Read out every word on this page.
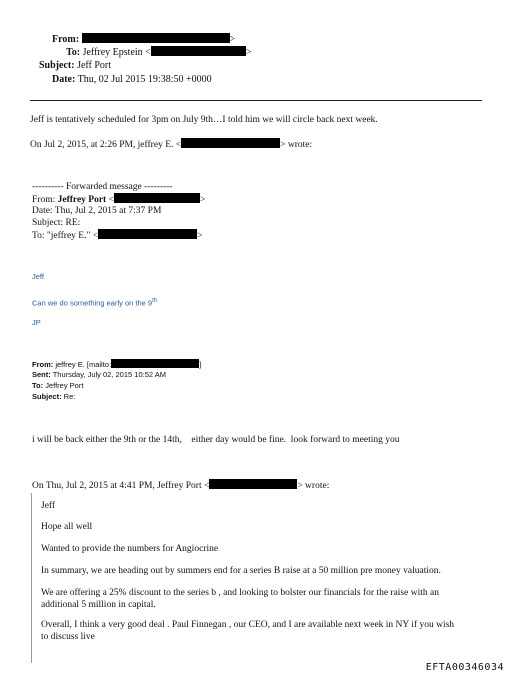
From:	>
To: Jeffrey Epstein <	>
Subject: Jeff Port
Date: Thu, 02 Jul 2015 19:38:50 +0000
Jeff is tentatively scheduled for 3pm on July 9th…I told him we will circle back next week.
On Jul 2, 2015, at 2:26 PM, jeffrey E. <	> wrote:
---------- Forwarded message ---------
From: Jeffrey Port <	>
Date: Thu, Jul 2, 2015 at 7:37 PM
Subject: RE:
To: "jeffrey E." <	>
Jeff
Can we do something early on the 9th
JP
From: jeffrey E. [mailto:	]
Sent: Thursday, July 02, 2015 10:52 AM
To: Jeffrey Port
Subject: Re:
i will be back either the 9th or the 14th,    either day would be fine.  look forward to meeting you
On Thu, Jul 2, 2015 at 4:41 PM, Jeffrey Port <	> wrote:
Jeff
Hope all well
Wanted to provide the numbers for Angiocrine
In summary, we are heading out by summers end for a series B raise at a 50 million pre money valuation.
We are offering a 25% discount to the series b , and looking to bolster our financials for the raise with an
additional 5 million in capital.
Overall, I think a very good deal . Paul Finnegan , our CEO, and I are available next week in NY if you wish
to discuss live
EFTA00346034
